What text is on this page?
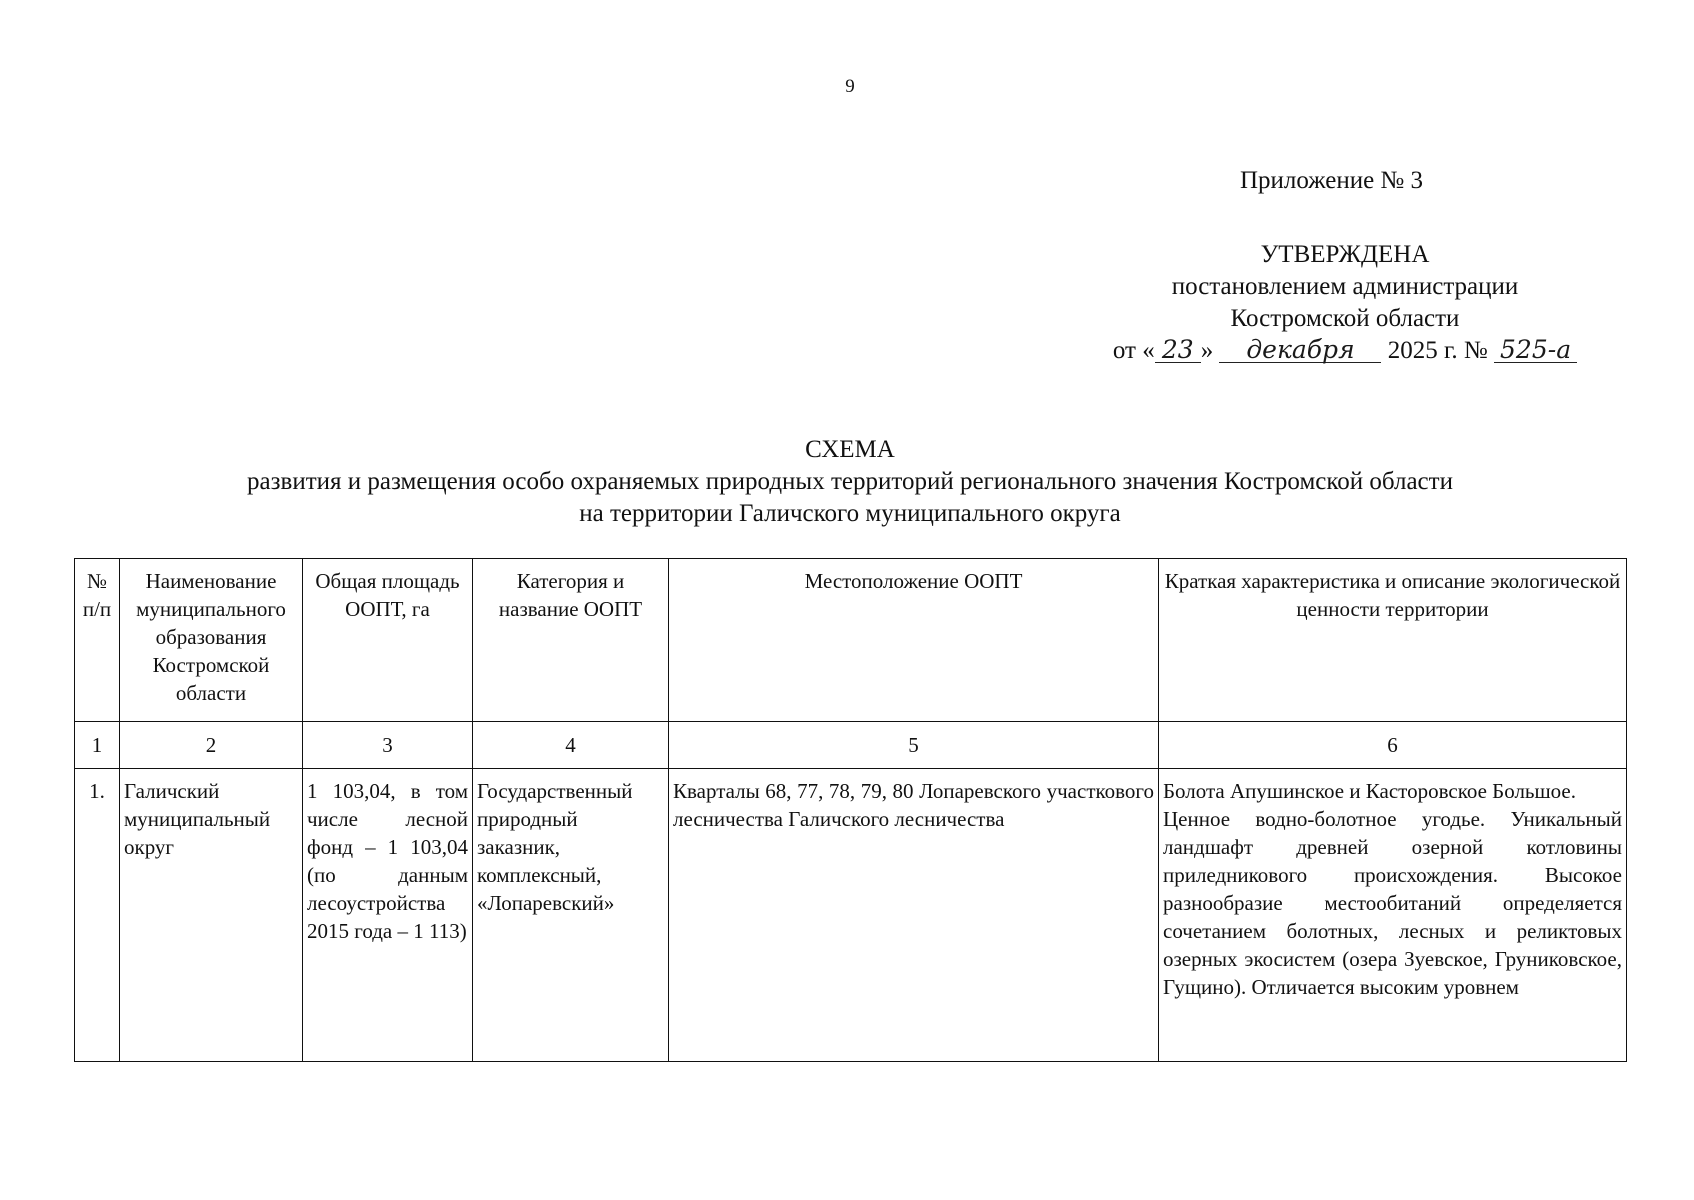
9
Приложение № 3
УТВЕРЖДЕНА
постановлением администрации
Костромской области
от « 23 » декабря 2025 г. № 525-а
СХЕМА
развития и размещения особо охраняемых природных территорий регионального значения Костромской области
на территории Галичского муниципального округа
№ п/п	Наименование муниципального образования Костромской области	Общая площадь ООПТ, га	Категория и название ООПТ	Местоположение ООПТ	Краткая характеристика и описание экологической ценности территории
1	2	3	4	5	6
1.	Галичский муниципальный округ	1 103,04, в том числе лесной фонд – 1 103,04 (по данным лесоустройства 2015 года – 1 113)	Государственный природный заказник, комплексный, «Лопаревский»	Кварталы 68, 77, 78, 79, 80 Лопаревского участкового лесничества Галичского лесничества	Болота Апушинское и Касторовское Большое.
Ценное водно-болотное угодье. Уникальный ландшафт древней озерной котловины приледникового происхождения. Высокое разнообразие местообитаний определяется сочетанием болотных, лесных и реликтовых озерных экосистем (озера Зуевское, Груниковское, Гущино). Отличается высоким уровнем
